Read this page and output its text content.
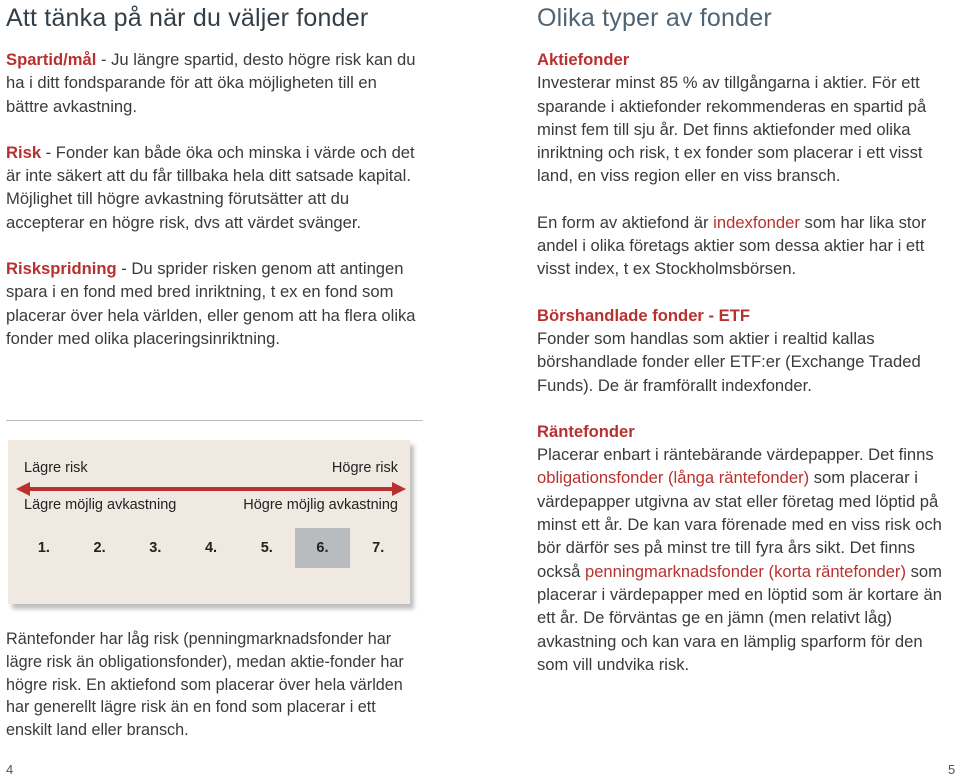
Att tänka på när du väljer fonder

Spartid/mål - Ju längre spartid, desto högre risk kan du ha i ditt fondsparande för att öka möjligheten till en bättre avkastning.

Risk - Fonder kan både öka och minska i värde och det är inte säkert att du får tillbaka hela ditt satsade kapital. Möjlighet till högre avkastning förutsätter att du accepterar en högre risk, dvs att värdet svänger.

Riskspridning - Du sprider risken genom att antingen spara i en fond med bred inriktning, t ex en fond som placerar över hela världen, eller genom att ha flera olika fonder med olika placeringsinriktning.

Lägre risk	Högre risk
Lägre möjlig avkastning	Högre möjlig avkastning
1.	2.	3.	4.	5.	6.	7.

Räntefonder har låg risk (penningmarknadsfonder har lägre risk än obligationsfonder), medan aktie-fonder har högre risk. En aktiefond som placerar över hela världen har generellt lägre risk än en fond som placerar i ett enskilt land eller bransch.

4
Olika typer av fonder

Aktiefonder
Investerar minst 85 % av tillgångarna i aktier. För ett sparande i aktiefonder rekommenderas en spartid på minst fem till sju år. Det finns aktiefonder med olika inriktning och risk, t ex fonder som placerar i ett visst land, en viss region eller en viss bransch.

En form av aktiefond är indexfonder som har lika stor andel i olika företags aktier som dessa aktier har i ett visst index, t ex Stockholmsbörsen.

Börshandlade fonder - ETF
Fonder som handlas som aktier i realtid kallas börshandlade fonder eller ETF:er (Exchange Traded Funds). De är framförallt indexfonder.

Räntefonder
Placerar enbart i räntebärande värdepapper. Det finns obligationsfonder (långa räntefonder) som placerar i värdepapper utgivna av stat eller företag med löptid på minst ett år. De kan vara förenade med en viss risk och bör därför ses på minst tre till fyra års sikt. Det finns också penningmarknadsfonder (korta räntefonder) som placerar i värdepapper med en löptid som är kortare än ett år. De förväntas ge en jämn (men relativt låg) avkastning och kan vara en lämplig sparform för den som vill undvika risk.

5
